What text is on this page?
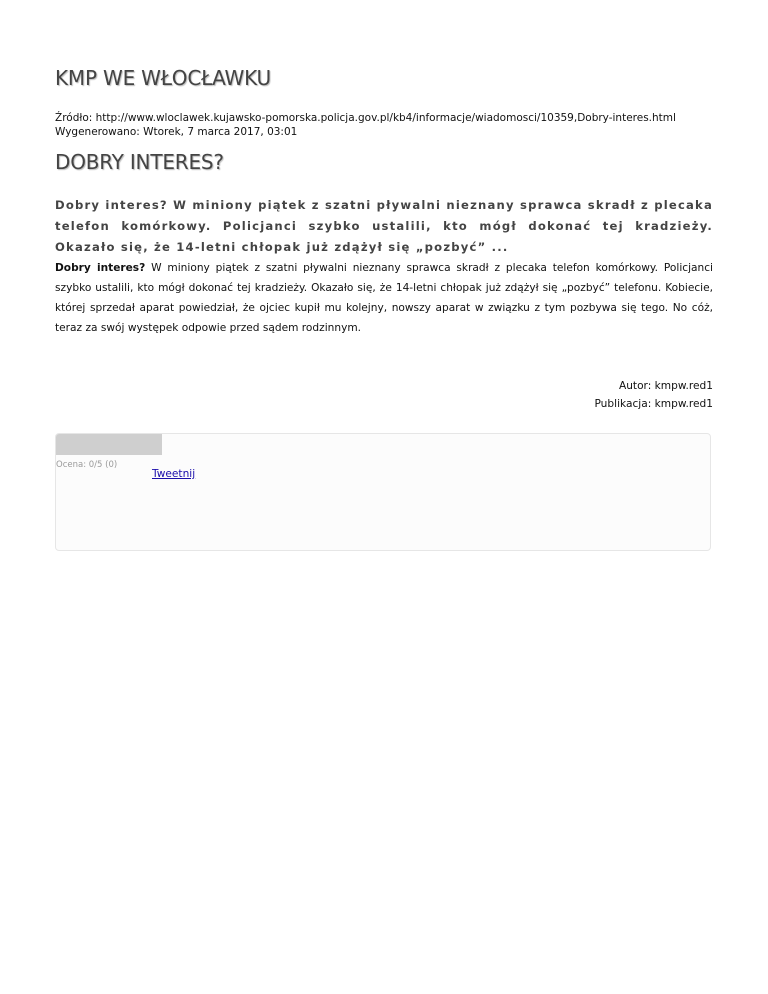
KMP WE WŁOCŁAWKU
Źródło: http://www.wloclawek.kujawsko-pomorska.policja.gov.pl/kb4/informacje/wiadomosci/10359,Dobry-interes.html
Wygenerowano: Wtorek, 7 marca 2017, 03:01
DOBRY INTERES?

Dobry interes? W miniony piątek z szatni pływalni nieznany sprawca skradł z plecaka telefon komórkowy. Policjanci szybko ustalili, kto mógł dokonać tej kradzieży. Okazało się, że 14-letni chłopak już zdążył się „pozbyć” ...

Dobry interes? W miniony piątek z szatni pływalni nieznany sprawca skradł z plecaka telefon komórkowy. Policjanci szybko ustalili, kto mógł dokonać tej kradzieży. Okazało się, że 14-letni chłopak już zdążył się „pozbyć” telefonu. Kobiecie, której sprzedał aparat powiedział, że ojciec kupił mu kolejny, nowszy aparat w związku z tym pozbywa się tego. No cóż, teraz za swój występek odpowie przed sądem rodzinnym.

Autor: kmpw.red1
Publikacja: kmpw.red1
Ocena: 0/5 (0)
Tweetnij
